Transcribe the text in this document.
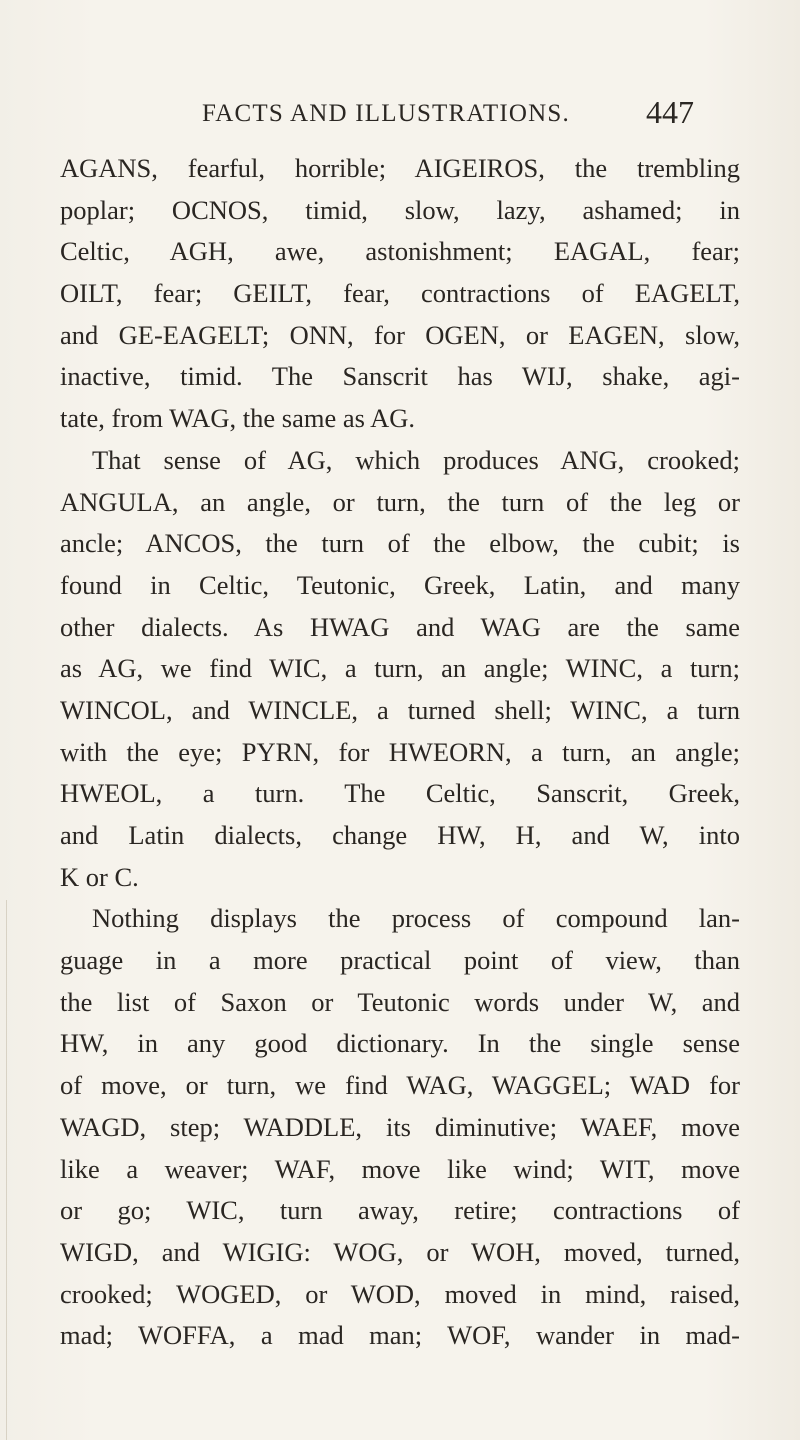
FACTS AND ILLUSTRATIONS. 447
AGANS, fearful, horrible; AIGEIROS, the trembling
poplar; OCNOS, timid, slow, lazy, ashamed; in
Celtic, AGH, awe, astonishment; EAGAL, fear;
OILT, fear; GEILT, fear, contractions of EAGELT,
and GE-EAGELT; ONN, for OGEN, or EAGEN, slow,
inactive, timid. The Sanscrit has WIJ, shake, agi-
tate, from WAG, the same as AG.
That sense of AG, which produces ANG, crooked;
ANGULA, an angle, or turn, the turn of the leg or
ancle; ANCOS, the turn of the elbow, the cubit; is
found in Celtic, Teutonic, Greek, Latin, and many
other dialects. As HWAG and WAG are the same
as AG, we find WIC, a turn, an angle; WINC, a turn;
WINCOL, and WINCLE, a turned shell; WINC, a turn
with the eye; PYRN, for HWEORN, a turn, an angle;
HWEOL, a turn. The Celtic, Sanscrit, Greek,
and Latin dialects, change HW, H, and W, into
K or C.
Nothing displays the process of compound lan-
guage in a more practical point of view, than
the list of Saxon or Teutonic words under W, and
HW, in any good dictionary. In the single sense
of move, or turn, we find WAG, WAGGEL; WAD for
WAGD, step; WADDLE, its diminutive; WAEF, move
like a weaver; WAF, move like wind; WIT, move
or go; WIC, turn away, retire; contractions of
WIGD, and WIGIG: WOG, or WOH, moved, turned,
crooked; WOGED, or WOD, moved in mind, raised,
mad; WOFFA, a mad man; WOF, wander in mad-
